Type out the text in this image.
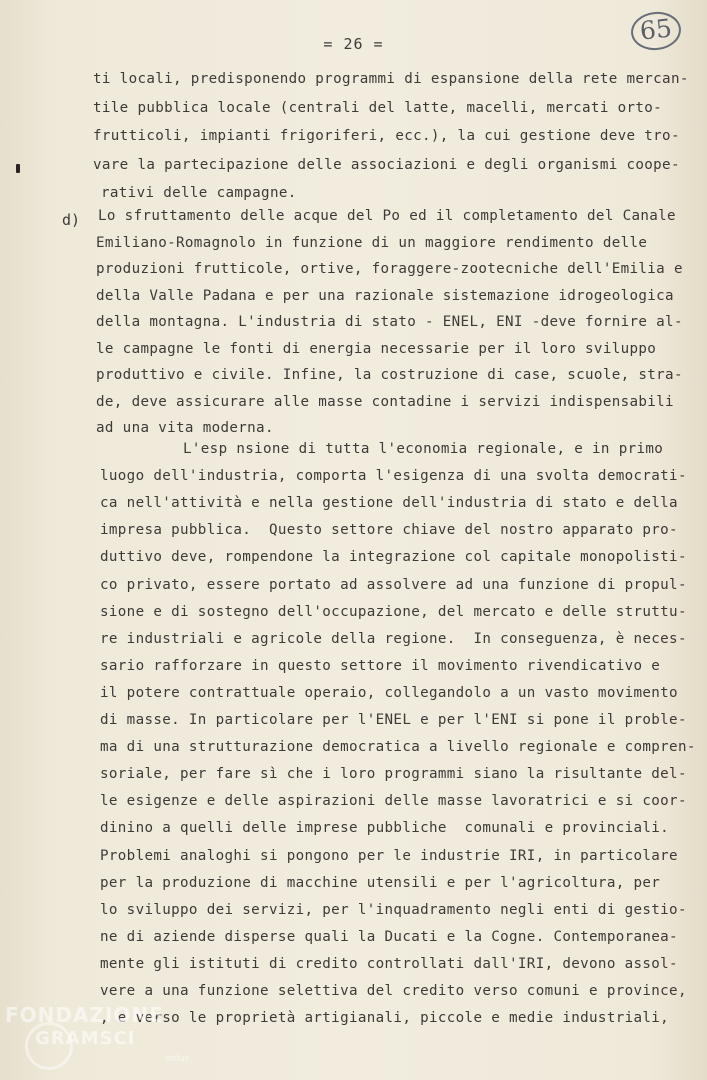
= 26 =	65
d)

ti locali, predisponendo programmi di espansione della rete mercan-

tile pubblica locale (centrali del latte, macelli, mercati orto-

frutticoli, impianti frigoriferi, ecc.), la cui gestione deve tro-

vare la partecipazione delle associazioni e degli organismi coope-

rativi delle campagne.

Lo sfruttamento delle acque del Po ed il completamento del Canale

Emiliano-Romagnolo in funzione di un maggiore rendimento delle

produzioni frutticole, ortive, foraggere-zootecniche dell'Emilia e

della Valle Padana e per una razionale sistemazione idrogeologica

della montagna. L'industria di stato - ENEL, ENI -deve fornire al-

le campagne le fonti di energia necessarie per il loro sviluppo

produttivo e civile. Infine, la costruzione di case, scuole, stra-

de, deve assicurare alle masse contadine i servizi indispensabili

ad una vita moderna.

L'esp nsione di tutta l'economia regionale, e in primo

luogo dell'industria, comporta l'esigenza di una svolta democrati-

ca nell'attività e nella gestione dell'industria di stato e della

impresa pubblica.  Questo settore chiave del nostro apparato pro-

duttivo deve, rompendone la integrazione col capitale monopolisti-

co privato, essere portato ad assolvere ad una funzione di propul-

sione e di sostegno dell'occupazione, del mercato e delle struttu-

re industriali e agricole della regione.  In conseguenza, è neces-

sario rafforzare in questo settore il movimento rivendicativo e

il potere contrattuale operaio, collegandolo a un vasto movimento

di masse. In particolare per l'ENEL e per l'ENI si pone il proble-

ma di una strutturazione democratica a livello regionale e compren-

soriale, per fare sì che i loro programmi siano la risultante del-

le esigenze e delle aspirazioni delle masse lavoratrici e si coor-

dinino a quelli delle imprese pubbliche  comunali e provinciali.

Problemi analoghi si pongono per le industrie IRI, in particolare

per la produzione di macchine utensili e per l'agricoltura, per

lo sviluppo dei servizi, per l'inquadramento negli enti di gestio-

ne di aziende disperse quali la Ducati e la Cogne. Contemporanea-

mente gli istituti di credito controllati dall'IRI, devono assol-

vere a una funzione selettiva del credito verso comuni e province,

, e verso le proprietà artigianali, piccole e medie industriali,

FONDAZIONE
GRAMSCI
onlus
